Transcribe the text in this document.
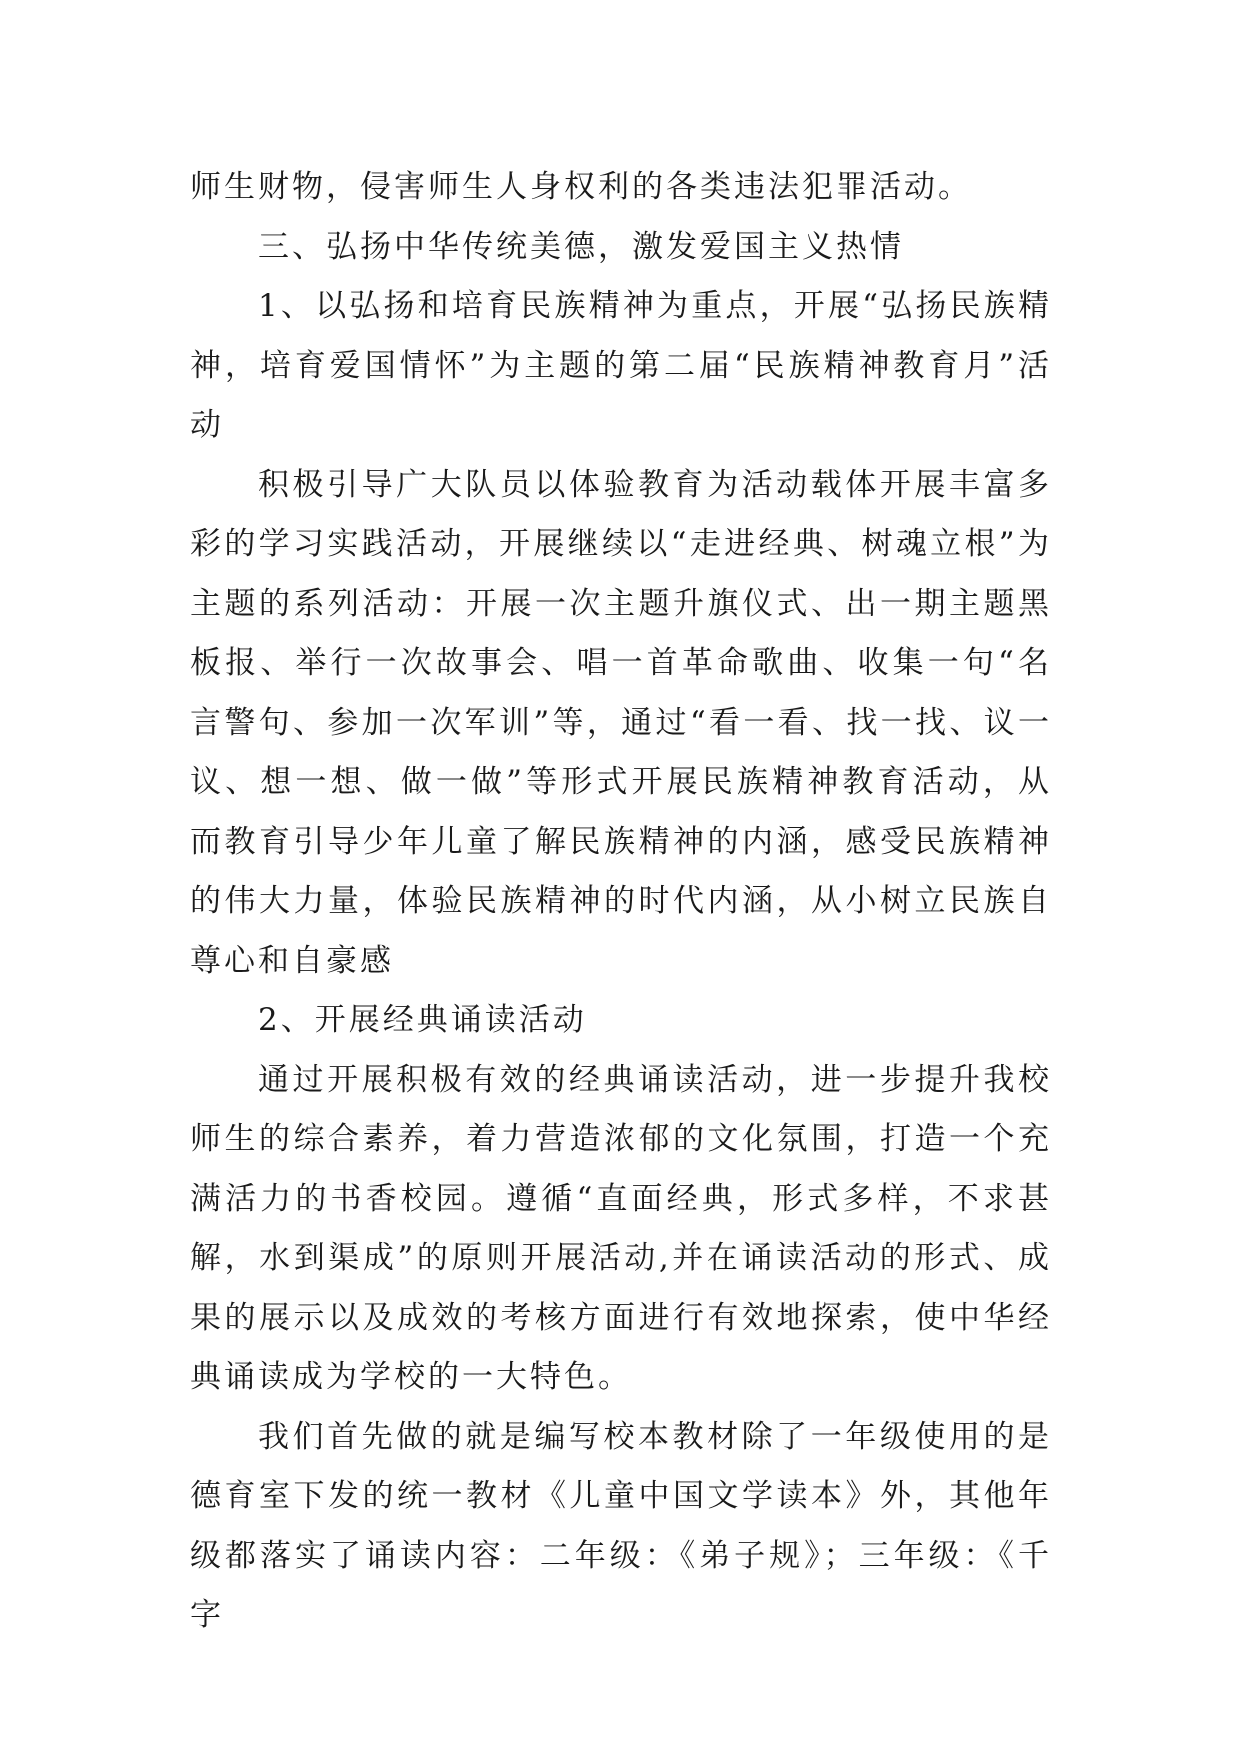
师生财物，侵害师生人身权利的各类违法犯罪活动。

三、弘扬中华传统美德，激发爱国主义热情

1、以弘扬和培育民族精神为重点，开展“弘扬民族精神，培育爱国情怀”为主题的第二届“民族精神教育月”活动

积极引导广大队员以体验教育为活动载体开展丰富多彩的学习实践活动，开展继续以“走进经典、树魂立根”为主题的系列活动：开展一次主题升旗仪式、出一期主题黑板报、举行一次故事会、唱一首革命歌曲、收集一句“名言警句、参加一次军训”等，通过“看一看、找一找、议一议、想一想、做一做”等形式开展民族精神教育活动，从而教育引导少年儿童了解民族精神的内涵，感受民族精神的伟大力量，体验民族精神的时代内涵，从小树立民族自尊心和自豪感

2、开展经典诵读活动

通过开展积极有效的经典诵读活动，进一步提升我校师生的综合素养，着力营造浓郁的文化氛围，打造一个充满活力的书香校园。遵循“直面经典，形式多样，不求甚解，水到渠成”的原则开展活动,并在诵读活动的形式、成果的展示以及成效的考核方面进行有效地探索，使中华经典诵读成为学校的一大特色。

我们首先做的就是编写校本教材除了一年级使用的是德育室下发的统一教材《儿童中国文学读本》外，其他年级都落实了诵读内容：二年级：《弟子规》；三年级：《千字
